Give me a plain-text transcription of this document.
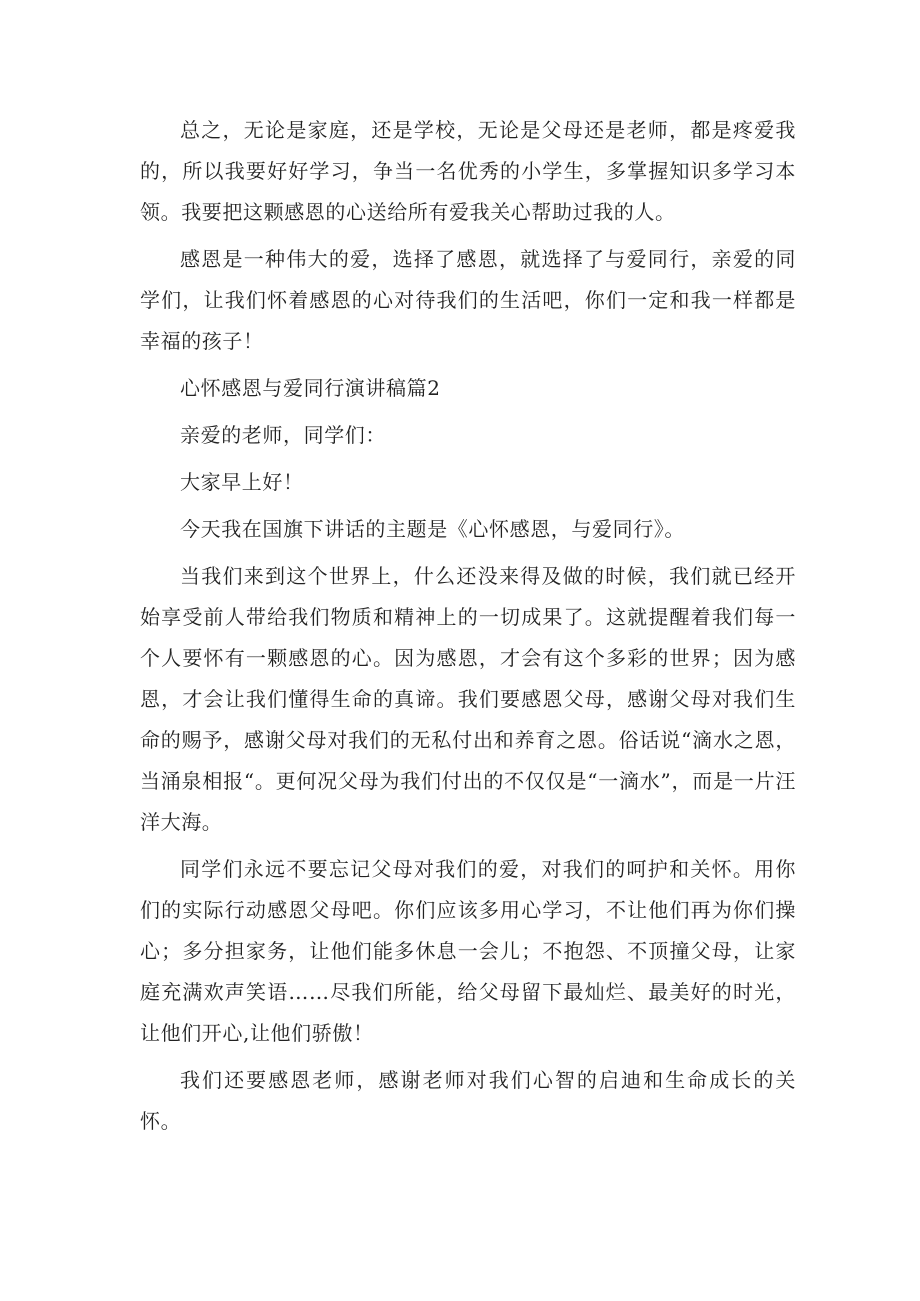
总之，无论是家庭，还是学校，无论是父母还是老师，都是疼爱我的，所以我要好好学习，争当一名优秀的小学生，多掌握知识多学习本领。我要把这颗感恩的心送给所有爱我关心帮助过我的人。

感恩是一种伟大的爱，选择了感恩，就选择了与爱同行，亲爱的同学们，让我们怀着感恩的心对待我们的生活吧，你们一定和我一样都是幸福的孩子！

心怀感恩与爱同行演讲稿篇2

亲爱的老师，同学们：

大家早上好！

今天我在国旗下讲话的主题是《心怀感恩，与爱同行》。

当我们来到这个世界上，什么还没来得及做的时候，我们就已经开始享受前人带给我们物质和精神上的一切成果了。这就提醒着我们每一个人要怀有一颗感恩的心。因为感恩，才会有这个多彩的世界；因为感恩，才会让我们懂得生命的真谛。我们要感恩父母，感谢父母对我们生命的赐予，感谢父母对我们的无私付出和养育之恩。俗话说“滴水之恩，当涌泉相报“。更何况父母为我们付出的不仅仅是“一滴水”，而是一片汪洋大海。

同学们永远不要忘记父母对我们的爱，对我们的呵护和关怀。用你们的实际行动感恩父母吧。你们应该多用心学习，不让他们再为你们操心；多分担家务，让他们能多休息一会儿；不抱怨、不顶撞父母，让家庭充满欢声笑语……尽我们所能，给父母留下最灿烂、最美好的时光，让他们开心,让他们骄傲！

我们还要感恩老师，感谢老师对我们心智的启迪和生命成长的关怀。
